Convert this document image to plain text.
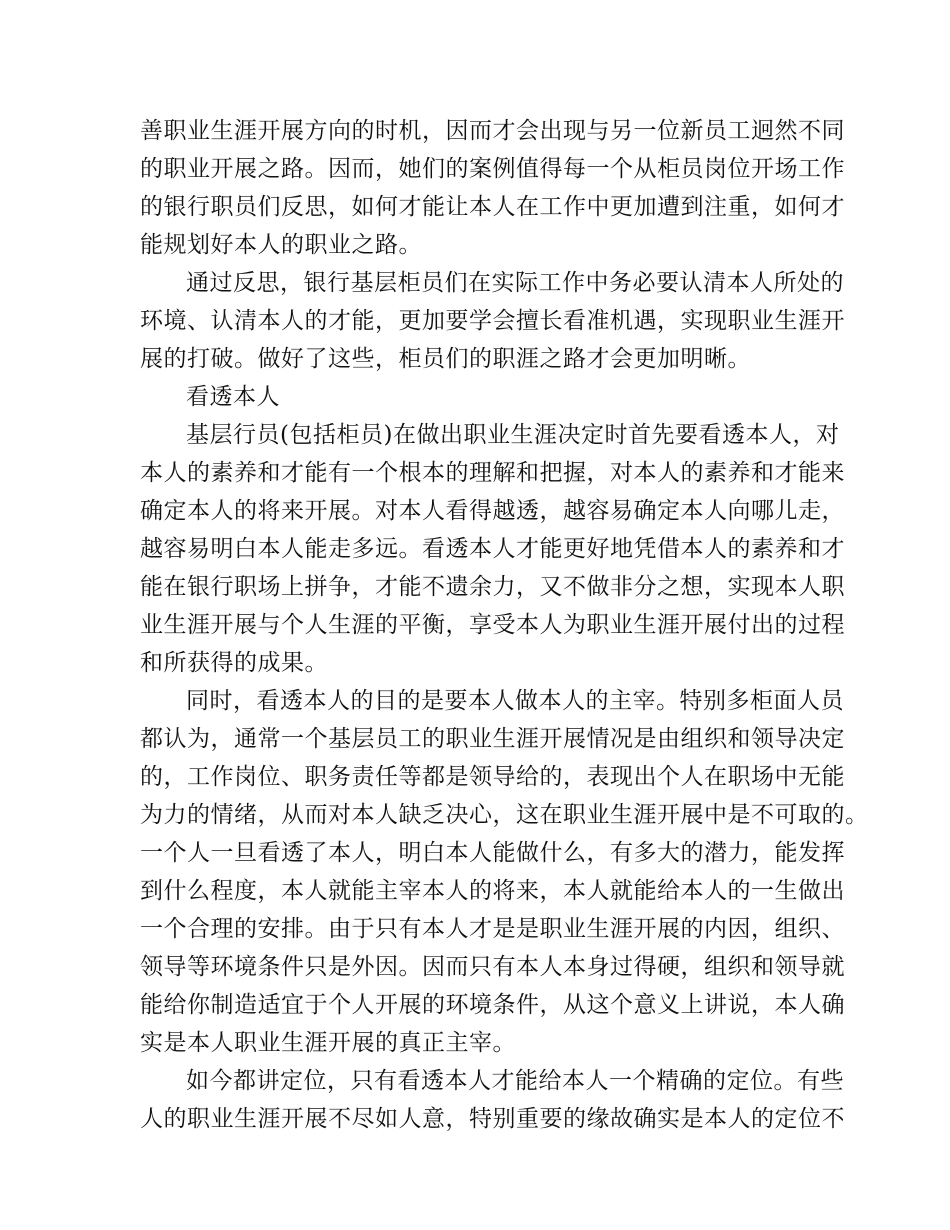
善职业生涯开展方向的时机，因而才会出现与另一位新员工迥然不同
的职业开展之路。因而，她们的案例值得每一个从柜员岗位开场工作
的银行职员们反思，如何才能让本人在工作中更加遭到注重，如何才
能规划好本人的职业之路。
通过反思，银行基层柜员们在实际工作中务必要认清本人所处的
环境、认清本人的才能，更加要学会擅长看准机遇，实现职业生涯开
展的打破。做好了这些，柜员们的职涯之路才会更加明晰。
看透本人
基层行员(包括柜员)在做出职业生涯决定时首先要看透本人，对
本人的素养和才能有一个根本的理解和把握，对本人的素养和才能来
确定本人的将来开展。对本人看得越透，越容易确定本人向哪儿走，
越容易明白本人能走多远。看透本人才能更好地凭借本人的素养和才
能在银行职场上拼争，才能不遗余力，又不做非分之想，实现本人职
业生涯开展与个人生涯的平衡，享受本人为职业生涯开展付出的过程
和所获得的成果。
同时，看透本人的目的是要本人做本人的主宰。特别多柜面人员
都认为，通常一个基层员工的职业生涯开展情况是由组织和领导决定
的，工作岗位、职务责任等都是领导给的，表现出个人在职场中无能
为力的情绪，从而对本人缺乏决心，这在职业生涯开展中是不可取的。
一个人一旦看透了本人，明白本人能做什么，有多大的潜力，能发挥
到什么程度，本人就能主宰本人的将来，本人就能给本人的一生做出
一个合理的安排。由于只有本人才是是职业生涯开展的内因，组织、
领导等环境条件只是外因。因而只有本人本身过得硬，组织和领导就
能给你制造适宜于个人开展的环境条件，从这个意义上讲说，本人确
实是本人职业生涯开展的真正主宰。
如今都讲定位，只有看透本人才能给本人一个精确的定位。有些
人的职业生涯开展不尽如人意，特别重要的缘故确实是本人的定位不
